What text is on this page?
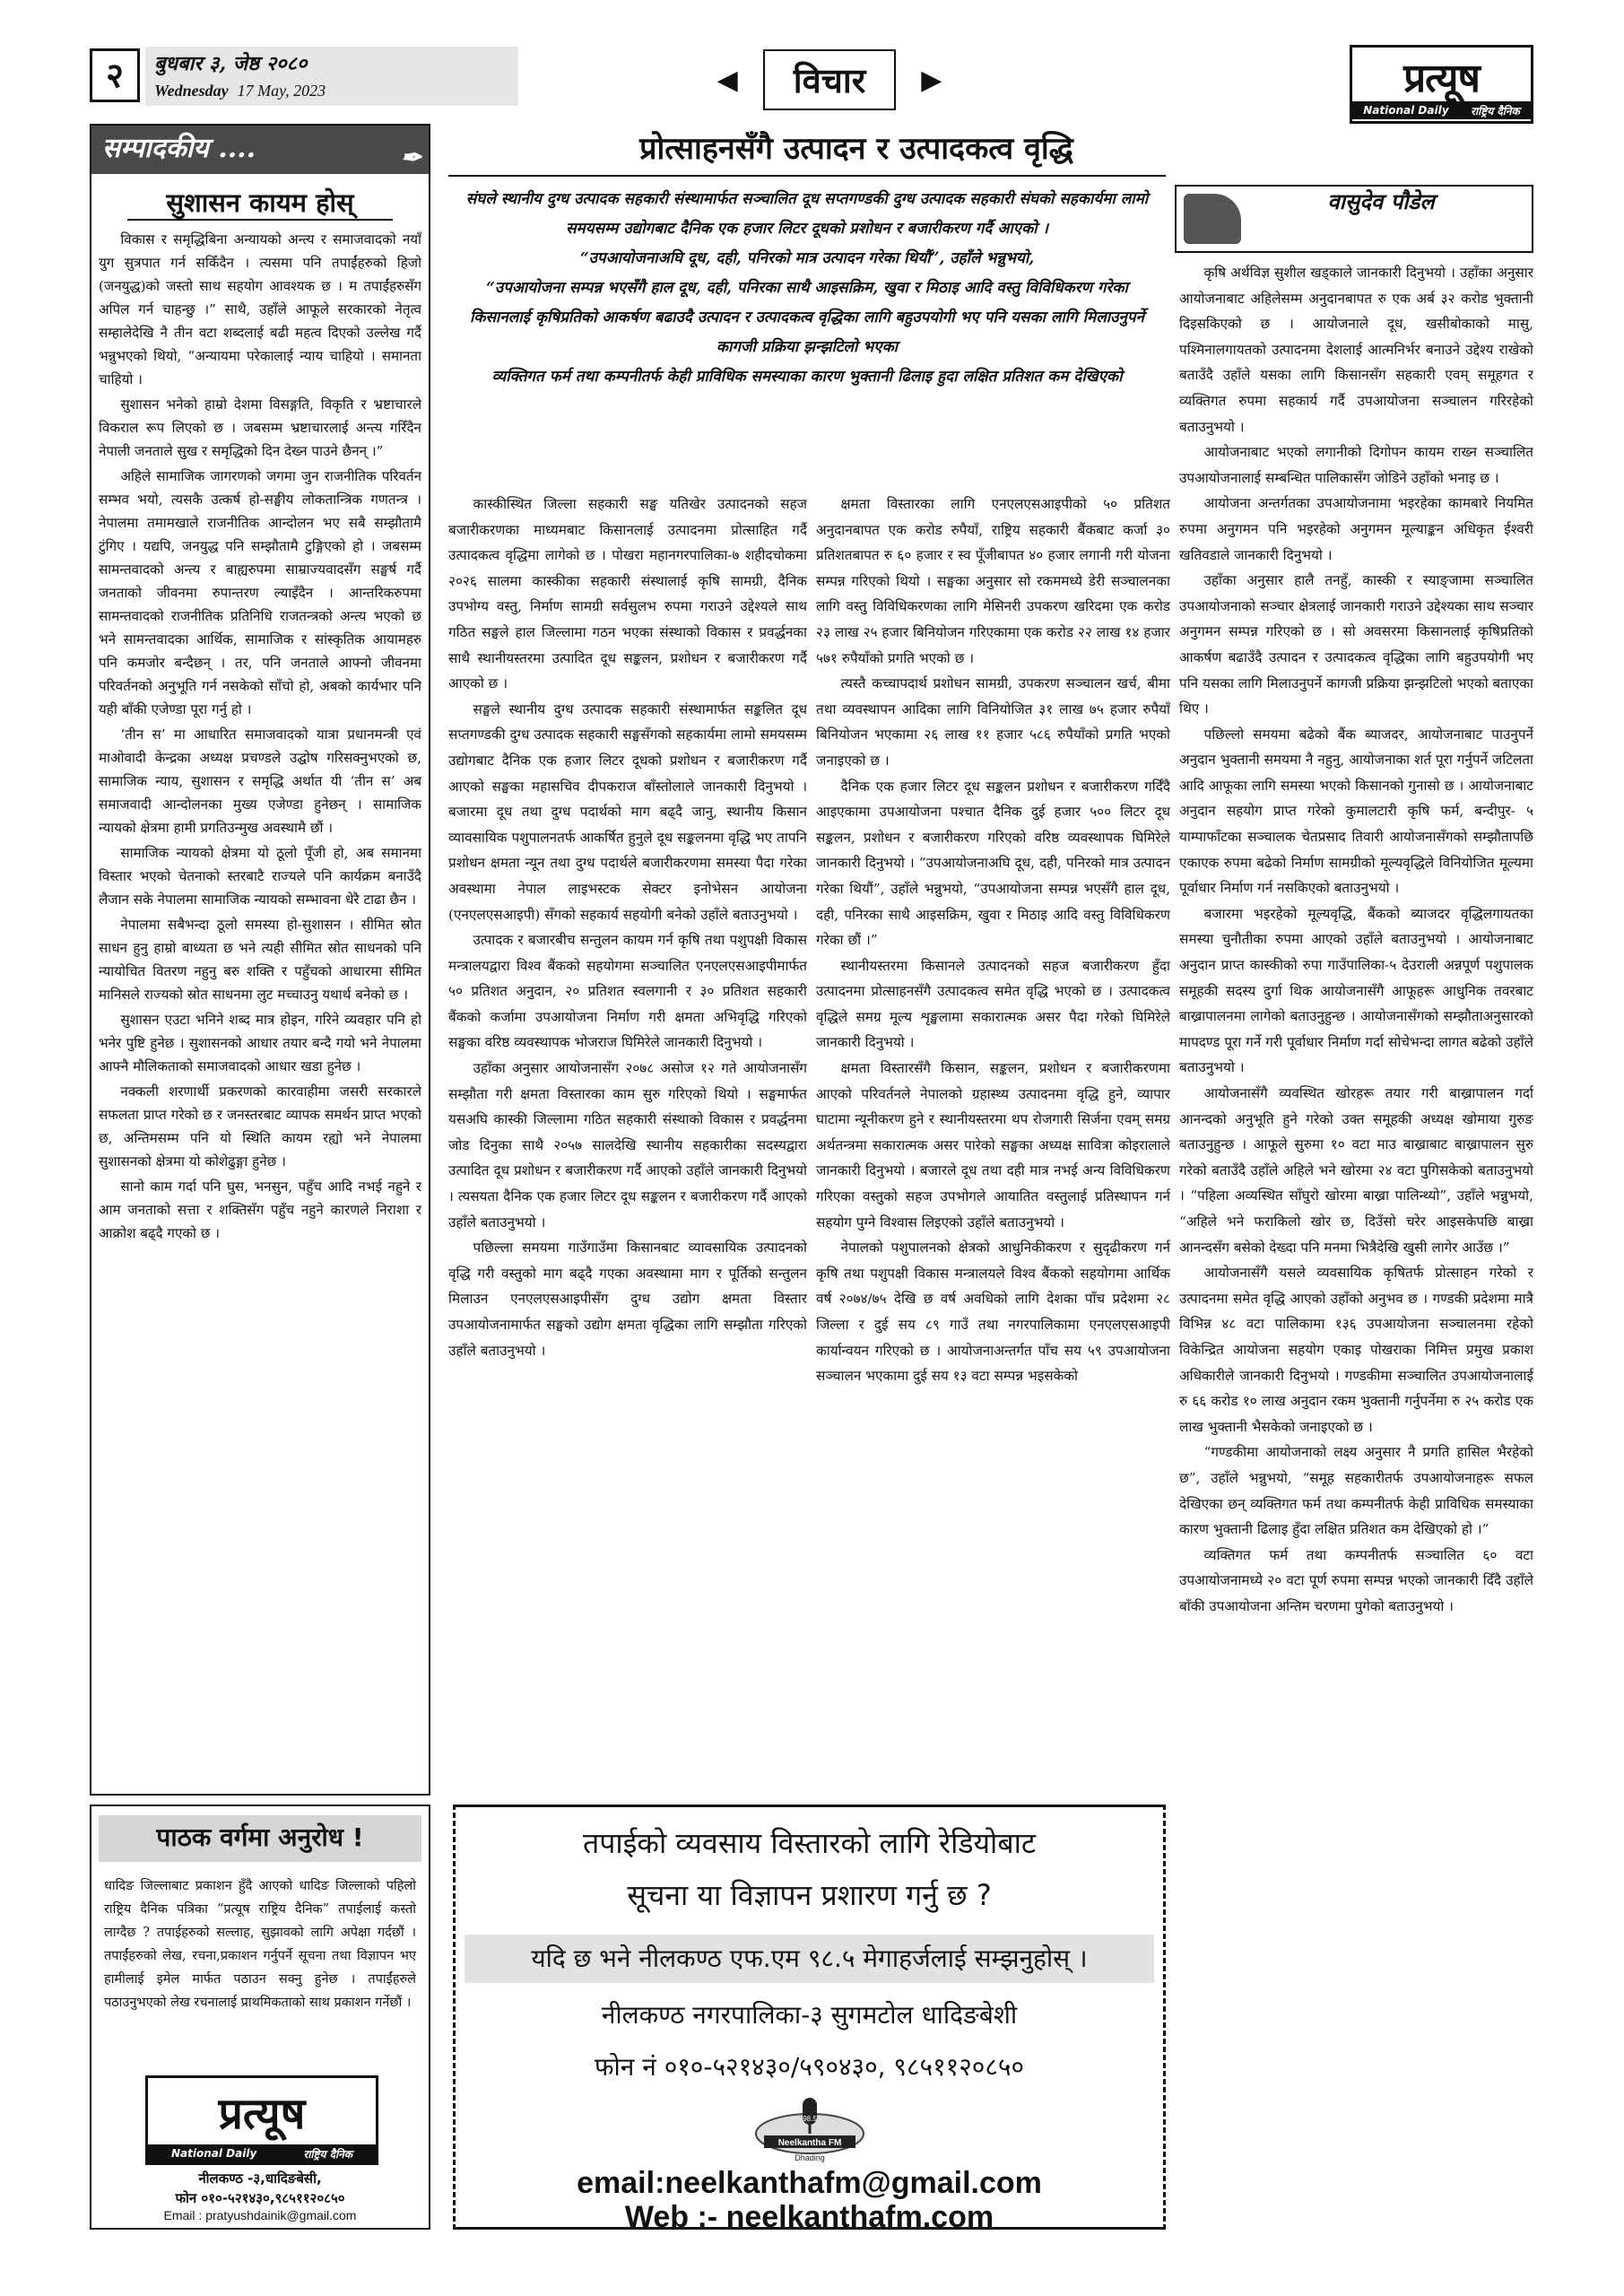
२	बुधबार ३, जेष्ठ २०८०
Wednesday 17 May, 2023	◀	विचार	▶	प्रत्यूष
National Daily राष्ट्रिय दैनिक
सम्पादकीय ....	✒
सुशासन कायम होस्

विकास र समृद्धिबिना अन्यायको अन्त्य र समाजवादको नयाँ युग सुत्रपात गर्न सकिँदैन । त्यसमा पनि तपाईंहरुको हिजो (जनयुद्ध)को जस्तो साथ सहयोग आवश्यक छ । म तपाईंहरुसँग अपिल गर्न चाहन्छु ।” साथै, उहाँले आफूले सरकारको नेतृत्व सम्हालेदेखि नै तीन वटा शब्दलाई बढी महत्व दिएको उल्लेख गर्दै भन्नुभएको थियो, “अन्यायमा परेकालाई न्याय चाहियो । समानता चाहियो ।

सुशासन भनेको हाम्रो देशमा विसङ्गति, विकृति र भ्रष्टाचारले विकराल रूप लिएको छ । जबसम्म भ्रष्टाचारलाई अन्त्य गरिँदैन नेपाली जनताले सुख र समृद्धिको दिन देख्न पाउने छैनन् ।”

अहिले सामाजिक जागरणको जगमा जुन राजनीतिक परिवर्तन सम्भव भयो, त्यसकै उत्कर्ष हो-सङ्घीय लोकतान्त्रिक गणतन्त्र । नेपालमा तमामखाले राजनीतिक आन्दोलन भए सबै सम्झौतामै टुंगिए । यद्यपि, जनयुद्ध पनि सम्झौतामै टुङ्गिएको हो । जबसम्म सामन्तवादको अन्त्य र बाह्यरुपमा साम्राज्यवादसँग सङ्घर्ष गर्दै जनताको जीवनमा रुपान्तरण ल्याइँदैन । आन्तरिकरुपमा सामन्तवादको राजनीतिक प्रतिनिधि राजतन्त्रको अन्त्य भएको छ भने सामन्तवादका आर्थिक, सामाजिक र सांस्कृतिक आयामहरु पनि कमजोर बन्दैछन् । तर, पनि जनताले आफ्नो जीवनमा परिवर्तनको अनुभूति गर्न नसकेको साँचो हो, अबको कार्यभार पनि यही बाँकी एजेण्डा पूरा गर्नु हो ।

‘तीन स’ मा आधारित समाजवादको यात्रा प्रधानमन्त्री एवं माओवादी केन्द्रका अध्यक्ष प्रचण्डले उद्घोष गरिसक्नुभएको छ, सामाजिक न्याय, सुशासन र समृद्धि अर्थात यी ‘तीन स’ अब समाजवादी आन्दोलनका मुख्य एजेण्डा हुनेछन् । सामाजिक न्यायको क्षेत्रमा हामी प्रगतिउन्मुख अवस्थामै छौं ।

सामाजिक न्यायको क्षेत्रमा यो ठूलो पूँजी हो, अब समानमा विस्तार भएको चेतनाको स्तरबाटै राज्यले पनि कार्यक्रम बनाउँदै लैजान सके नेपालमा सामाजिक न्यायको सम्भावना धेरै टाढा छैन ।

नेपालमा सबैभन्दा ठूलो समस्या हो-सुशासन । सीमित स्रोत साधन हुनु हाम्रो बाध्यता छ भने त्यही सीमित स्रोत साधनको पनि न्यायोचित वितरण नहुनु बरु शक्ति र पहुँचको आधारमा सीमित मानिसले राज्यको स्रोत साधनमा लुट मच्चाउनु यथार्थ बनेको छ ।

सुशासन एउटा भनिने शब्द मात्र होइन, गरिने व्यवहार पनि हो भनेर पुष्टि हुनेछ । सुशासनको आधार तयार बन्दै गयो भने नेपालमा आफ्नै मौलिकताको समाजवादको आधार खडा हुनेछ ।

नक्कली शरणार्थी प्रकरणको कारवाहीमा जसरी सरकारले सफलता प्राप्त गरेको छ र जनस्तरबाट व्यापक समर्थन प्राप्त भएको छ, अन्तिमसम्म पनि यो स्थिति कायम रह्यो भने नेपालमा सुशासनको क्षेत्रमा यो कोशेढुङ्गा हुनेछ ।

सानो काम गर्दा पनि घुस, भनसुन, पहुँच आदि नभई नहुने र आम जनताको सत्ता र शक्तिसँग पहुँच नहुने कारणले निराशा र आक्रोश बढ्दै गएको छ ।

पाठक वर्गमा अनुरोध !
धादिङ जिल्लाबाट प्रकाशन हुँदै आएको धादिङ जिल्लाको पहिलो राष्ट्रिय दैनिक पत्रिका “प्रत्यूष राष्ट्रिय दैनिक” तपाईलाई कस्तो लाग्दैछ ? तपाईहरुको सल्लाह, सुझावको लागि अपेक्षा गर्दछौं । तपाईंहरुको लेख, रचना,प्रकाशन गर्नुपर्ने सूचना तथा विज्ञापन भए हामीलाई इमेल मार्फत पठाउन सक्नु हुनेछ । तपाईंहरुले पठाउनुभएको लेख रचनालाई प्राथमिकताको साथ प्रकाशन गर्नेछौं ।
प्रत्यूष
National Daily	राष्ट्रिय दैनिक
नीलकण्ठ -३,धादिङबेसी,
फोन ०१०-५२१४३०,९८५११२०८५०
Email : pratyushdainik@gmail.com
प्रोत्साहनसँगै उत्पादन र उत्पादकत्व वृद्धि

संघले स्थानीय दुग्ध उत्पादक सहकारी संस्थामार्फत सञ्चालित दूध सप्तगण्डकी दुग्ध उत्पादक सहकारी संघको सहकार्यमा लामो समयसम्म उद्योगबाट दैनिक एक हजार लिटर दूधको प्रशोधन र बजारीकरण गर्दै आएको ।

“उपआयोजनाअघि दूध, दही, पनिरको मात्र उत्पादन गरेका थियौं”, उहाँले भन्नुभयो,

“उपआयोजना सम्पन्न भएसँगै हाल दूध, दही, पनिरका साथै आइसक्रिम, खुवा र मिठाइ आदि वस्तु विविधिकरण गरेका

किसानलाई कृषिप्रतिको आकर्षण बढाउदै उत्पादन र उत्पादकत्व वृद्धिका लागि बहुउपयोगी भए पनि यसका लागि मिलाउनुपर्ने कागजी प्रक्रिया झन्झटिलो भएका

व्यक्तिगत फर्म तथा कम्पनीतर्फ केही प्राविधिक समस्याका कारण भुक्तानी ढिलाइ हुदा लक्षित प्रतिशत कम देखिएको

वासुदेव पौडेल

कास्कीस्थित जिल्ला सहकारी सङ्घ यतिखेर उत्पादनको सहज बजारीकरणका माध्यमबाट किसानलाई उत्पादनमा प्रोत्साहित गर्दै उत्पादकत्व वृद्धिमा लागेको छ । पोखरा महानगरपालिका-७ शहीदचोकमा २०२६ सालमा कास्कीका सहकारी संस्थालाई कृषि सामग्री, दैनिक उपभोग्य वस्तु, निर्माण सामग्री सर्वसुलभ रुपमा गराउने उद्देश्यले साथ गठित सङ्घले हाल जिल्लामा गठन भएका संस्थाको विकास र प्रवर्द्धनका साथै स्थानीयस्तरमा उत्पादित दूध सङ्कलन, प्रशोधन र बजारीकरण गर्दै आएको छ ।

सङ्घले स्थानीय दुग्ध उत्पादक सहकारी संस्थामार्फत सङ्कलित दूध सप्तगण्डकी दुग्ध उत्पादक सहकारी सङ्घसँगको सहकार्यमा लामो समयसम्म उद्योगबाट दैनिक एक हजार लिटर दूधको प्रशोधन र बजारीकरण गर्दै आएको सङ्घका महासचिव दीपकराज बाँस्तोलाले जानकारी दिनुभयो । बजारमा दूध तथा दुग्ध पदार्थको माग बढ्दै जानु, स्थानीय किसान व्यावसायिक पशुपालनतर्फ आकर्षित हुनुले दूध सङ्कलनमा वृद्धि भए तापनि प्रशोधन क्षमता न्यून तथा दुग्ध पदार्थले बजारीकरणमा समस्या पैदा गरेका अवस्थामा नेपाल लाइभस्टक सेक्टर इनोभेसन आयोजना (एनएलएसआइपी) सँगको सहकार्य सहयोगी बनेको उहाँले बताउनुभयो ।

उत्पादक र बजारबीच सन्तुलन कायम गर्न कृषि तथा पशुपक्षी विकास मन्त्रालयद्वारा विश्व बैंकको सहयोगमा सञ्चालित एनएलएसआइपीमार्फत ५० प्रतिशत अनुदान, २० प्रतिशत स्वलगानी र ३० प्रतिशत सहकारी बैंकको कर्जामा उपआयोजना निर्माण गरी क्षमता अभिवृद्धि गरिएको सङ्घका वरिष्ठ व्यवस्थापक भोजराज घिमिरेले जानकारी दिनुभयो ।

उहाँका अनुसार आयोजनासँग २०७८ असोज १२ गते आयोजनासँग सम्झौता गरी क्षमता विस्तारका काम सुरु गरिएको थियो । सङ्घमार्फत यसअघि कास्की जिल्लामा गठित सहकारी संस्थाको विकास र प्रवर्द्धनमा जोड दिनुका साथै २०५७ सालदेखि स्थानीय सहकारीका सदस्यद्वारा उत्पादित दूध प्रशोधन र बजारीकरण गर्दै आएको उहाँले जानकारी दिनुभयो । त्यसयता दैनिक एक हजार लिटर दूध सङ्कलन र बजारीकरण गर्दै आएको उहाँले बताउनुभयो ।

पछिल्ला समयमा गाउँगाउँमा किसानबाट व्यावसायिक उत्पादनको वृद्धि गरी वस्तुको माग बढ्दै गएका अवस्थामा माग र पूर्तिको सन्तुलन मिलाउन एनएलएसआइपीसँग दुग्ध उद्योग क्षमता विस्तार उपआयोजनामार्फत सङ्घको उद्योग क्षमता वृद्धिका लागि सम्झौता गरिएको उहाँले बताउनुभयो ।

क्षमता विस्तारका लागि एनएलएसआइपीको ५० प्रतिशत अनुदानबापत एक करोड रुपैयाँ, राष्ट्रिय सहकारी बैंकबाट कर्जा ३० प्रतिशतबापत रु ६० हजार र स्व पूँजीबापत ४० हजार लगानी गरी योजना सम्पन्न गरिएको थियो । सङ्घका अनुसार सो रकममध्ये डेरी सञ्चालनका लागि वस्तु विविधिकरणका लागि मेसिनरी उपकरण खरिदमा एक करोड २३ लाख २५ हजार बिनियोजन गरिएकामा एक करोड २२ लाख १४ हजार ५७१ रुपैयाँको प्रगति भएको छ ।

त्यस्तै कच्चापदार्थ प्रशोधन सामग्री, उपकरण सञ्चालन खर्च, बीमा तथा व्यवस्थापन आदिका लागि विनियोजित ३१ लाख ७५ हजार रुपैयाँ बिनियोजन भएकामा २६ लाख ११ हजार ५८६ रुपैयाँको प्रगति भएको जनाइएको छ ।

दैनिक एक हजार लिटर दूध सङ्कलन प्रशोधन र बजारीकरण गर्दिँदै आइएकामा उपआयोजना पश्चात दैनिक दुई हजार ५०० लिटर दूध सङ्कलन, प्रशोधन र बजारीकरण गरिएको वरिष्ठ व्यवस्थापक घिमिरेले जानकारी दिनुभयो । “उपआयोजनाअघि दूध, दही, पनिरको मात्र उत्पादन गरेका थियौं”, उहाँले भन्नुभयो, “उपआयोजना सम्पन्न भएसँगै हाल दूध, दही, पनिरका साथै आइसक्रिम, खुवा र मिठाइ आदि वस्तु विविधिकरण गरेका छौं ।”

स्थानीयस्तरमा किसानले उत्पादनको सहज बजारीकरण हुँदा उत्पादनमा प्रोत्साहनसँगै उत्पादकत्व समेत वृद्धि भएको छ । उत्पादकत्व वृद्धिले समग्र मूल्य शृङ्खलामा सकारात्मक असर पैदा गरेको घिमिरेले जानकारी दिनुभयो ।

क्षमता विस्तारसँगै किसान, सङ्कलन, प्रशोधन र बजारीकरणमा आएको परिवर्तनले नेपालको ग्रहास्थ्य उत्पादनमा वृद्धि हुने, व्यापार घाटामा न्यूनीकरण हुने र स्थानीयस्तरमा थप रोजगारी सिर्जना एवम् समग्र अर्थतन्त्रमा सकारात्मक असर पारेको सङ्घका अध्यक्ष सावित्रा कोइरालाले जानकारी दिनुभयो । बजारले दूध तथा दही मात्र नभई अन्य विविधिकरण गरिएका वस्तुको सहज उपभोगले आयातित वस्तुलाई प्रतिस्थापन गर्न सहयोग पुग्ने विश्वास लिइएको उहाँले बताउनुभयो ।

नेपालको पशुपालनको क्षेत्रको आधुनिकीकरण र सुदृढीकरण गर्न कृषि तथा पशुपक्षी विकास मन्त्रालयले विश्व बैंकको सहयोगमा आर्थिक वर्ष २०७४/७५ देखि छ वर्ष अवधिको लागि देशका पाँच प्रदेशमा २८ जिल्ला र दुई सय ८९ गाउँ तथा नगरपालिकामा एनएलएसआइपी कार्यान्वयन गरिएको छ । आयोजनाअन्तर्गत पाँच सय ५९ उपआयोजना सञ्चालन भएकामा दुई सय १३ वटा सम्पन्न भइसकेको

कृषि अर्थविज्ञ सुशील खड्काले जानकारी दिनुभयो । उहाँका अनुसार आयोजनाबाट अहिलेसम्म अनुदानबापत रु एक अर्ब ३२ करोड भुक्तानी दिइसकिएको छ । आयोजनाले दूध, खसीबोकाको मासु, पश्मिनालगायतको उत्पादनमा देशलाई आत्मनिर्भर बनाउने उद्देश्य राखेको बताउँदै उहाँले यसका लागि किसानसँग सहकारी एवम् समूहगत र व्यक्तिगत रुपमा सहकार्य गर्दै उपआयोजना सञ्चालन गरिरहेको बताउनुभयो ।

आयोजनाबाट भएको लगानीको दिगोपन कायम राख्न सञ्चालित उपआयोजनालाई सम्बन्धित पालिकासँग जोडिने उहाँको भनाइ छ ।

आयोजना अन्तर्गतका उपआयोजनामा भइरहेका कामबारे नियमित रुपमा अनुगमन पनि भइरहेको अनुगमन मूल्याङ्कन अधिकृत ईश्वरी खतिवडाले जानकारी दिनुभयो ।

उहाँका अनुसार हालै तनहुँ, कास्की र स्याङ्जामा सञ्चालित उपआयोजनाको सञ्चार क्षेत्रलाई जानकारी गराउने उद्देश्यका साथ सञ्चार अनुगमन सम्पन्न गरिएको छ । सो अवसरमा किसानलाई कृषिप्रतिको आकर्षण बढाउँदै उत्पादन र उत्पादकत्व वृद्धिका लागि बहुउपयोगी भए पनि यसका लागि मिलाउनुपर्ने कागजी प्रक्रिया झन्झटिलो भएको बताएका थिए ।

पछिल्लो समयमा बढेको बैंक ब्याजदर, आयोजनाबाट पाउनुपर्ने अनुदान भुक्तानी समयमा नै नहुनु, आयोजनाका शर्त पूरा गर्नुपर्ने जटिलता आदि आफूका लागि समस्या भएको किसानको गुनासो छ । आयोजनाबाट अनुदान सहयोग प्राप्त गरेको कुमालटारी कृषि फर्म, बन्दीपुर- ५ याम्पाफाँटका सञ्चालक चेतप्रसाद तिवारी आयोजनासँगको सम्झौतापछि एकाएक रुपमा बढेको निर्माण सामग्रीको मूल्यवृद्धिले विनियोजित मूल्यमा पूर्वाधार निर्माण गर्न नसकिएको बताउनुभयो ।

बजारमा भइरहेको मूल्यवृद्धि, बैंकको ब्याजदर वृद्धिलगायतका समस्या चुनौतीका रुपमा आएको उहाँले बताउनुभयो । आयोजनाबाट अनुदान प्राप्त कास्कीको रुपा गाउँपालिका-५ देउराली अन्नपूर्ण पशुपालक समूहकी सदस्य दुर्गा थिक आयोजनासँगै आफूहरू आधुनिक तवरबाट बाख्रापालनमा लागेको बताउनुहुन्छ । आयोजनासँगको सम्झौताअनुसारको मापदण्ड पूरा गर्ने गरी पूर्वाधार निर्माण गर्दा सोचेभन्दा लागत बढेको उहाँले बताउनुभयो ।

आयोजनासँगै व्यवस्थित खोरहरू तयार गरी बाख्रापालन गर्दा आनन्दको अनुभूति हुने गरेको उक्त समूहकी अध्यक्ष खोमाया गुरुङ बताउनुहुन्छ । आफूले सुरुमा १० वटा माउ बाख्राबाट बाख्रापालन सुरु गरेको बताउँदै उहाँले अहिले भने खोरमा २४ वटा पुगिसकेको बताउनुभयो । “पहिला अव्यस्थित साँघुरो खोरमा बाख्रा पालिन्थ्यो”, उहाँले भन्नुभयो, “अहिले भने फराकिलो खोर छ, दिउँसो चरेर आइसकेपछि बाख्रा आनन्दसँग बसेको देख्दा पनि मनमा भित्रैदेखि खुसी लागेर आउँछ ।”

आयोजनासँगै यसले व्यवसायिक कृषितर्फ प्रोत्साहन गरेको र उत्पादनमा समेत वृद्धि आएको उहाँको अनुभव छ । गण्डकी प्रदेशमा मात्रै विभिन्न ४८ वटा पालिकामा १३६ उपआयोजना सञ्चालनमा रहेको विकेन्द्रित आयोजना सहयोग एकाइ पोखराका निमित्त प्रमुख प्रकाश अधिकारीले जानकारी दिनुभयो । गण्डकीमा सञ्चालित उपआयोजनालाई रु ६६ करोड १० लाख अनुदान रकम भुक्तानी गर्नुपर्नेमा रु २५ करोड एक लाख भुक्तानी भैसकेको जनाइएको छ ।

“गण्डकीमा आयोजनाको लक्ष्य अनुसार नै प्रगति हासिल भैरहेको छ”, उहाँले भन्नुभयो, “समूह सहकारीतर्फ उपआयोजनाहरू सफल देखिएका छन् व्यक्तिगत फर्म तथा कम्पनीतर्फ केही प्राविधिक समस्याका कारण भुक्तानी ढिलाइ हुँदा लक्षित प्रतिशत कम देखिएको हो ।”

व्यक्तिगत फर्म तथा कम्पनीतर्फ सञ्चालित ६० वटा उपआयोजनामध्ये २० वटा पूर्ण रुपमा सम्पन्न भएको जानकारी दिँदै उहाँले बाँकी उपआयोजना अन्तिम चरणमा पुगेको बताउनुभयो ।

तपाईको व्यवसाय विस्तारको लागि रेडियोबाट
सूचना या विज्ञापन प्रशारण गर्नु छ ?
यदि छ भने नीलकण्ठ एफ.एम ९८.५ मेगाहर्जलाई सम्झनुहोस् ।
नीलकण्ठ नगरपालिका-३ सुगमटोल धादिङबेशी
फोन नं ०१०-५२१४३०/५९०४३०, ९८५११२०८५०
Neelkantha FM
98.5
Dhading
email:neelkanthafm@gmail.com
Web :- neelkanthafm.com
